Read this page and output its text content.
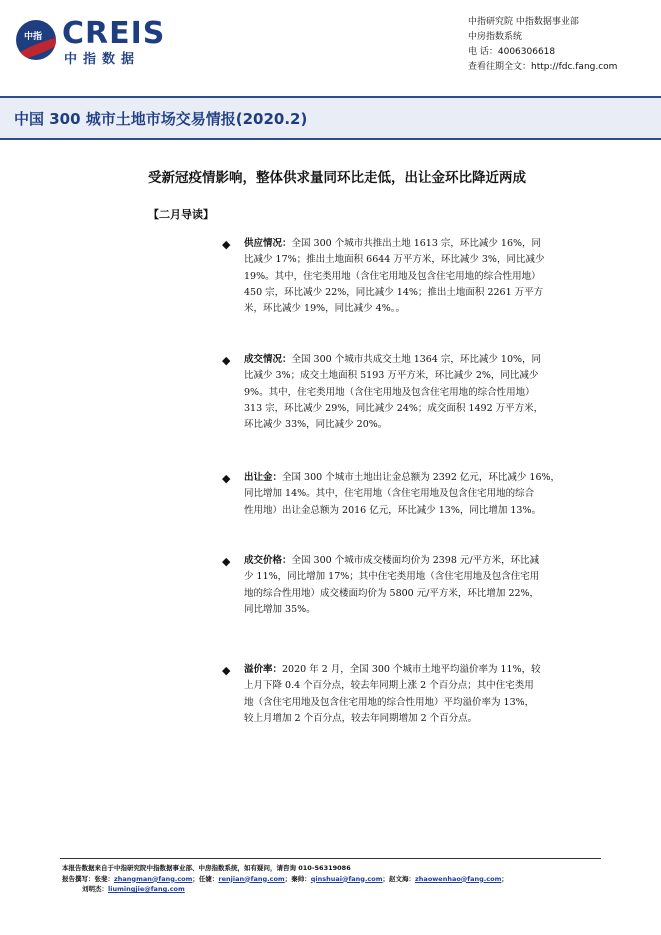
中指 CREIS
中指数据
中指研究院 中指数据事业部
中房指数系统
电 话：4006306618
查看往期全文：http://fdc.fang.com
中国 300 城市土地市场交易情报(2020.2)
受新冠疫情影响，整体供求量同环比走低，出让金环比降近两成
【二月导读】
◆ 供应情况：全国 300 个城市共推出土地 1613 宗，环比减少 16%，同
比减少 17%；推出土地面积 6644 万平方米，环比减少 3%，同比减少
19%。其中，住宅类用地（含住宅用地及包含住宅用地的综合性用地）
450 宗，环比减少 22%，同比减少 14%；推出土地面积 2261 万平方
米，环比减少 19%，同比减少 4%。。
◆ 成交情况：全国 300 个城市共成交土地 1364 宗，环比减少 10%，同
比减少 3%；成交土地面积 5193 万平方米，环比减少 2%，同比减少
9%。其中，住宅类用地（含住宅用地及包含住宅用地的综合性用地）
313 宗，环比减少 29%，同比减少 24%；成交面积 1492 万平方米，
环比减少 33%，同比减少 20%。
◆ 出让金：全国 300 个城市土地出让金总额为 2392 亿元，环比减少 16%，
同比增加 14%。其中，住宅用地（含住宅用地及包含住宅用地的综合
性用地）出让金总额为 2016 亿元，环比减少 13%，同比增加 13%。
◆ 成交价格：全国 300 个城市成交楼面均价为 2398 元/平方米，环比减
少 11%，同比增加 17%；其中住宅类用地（含住宅用地及包含住宅用
地的综合性用地）成交楼面均价为 5800 元/平方米，环比增加 22%，
同比增加 35%。
◆ 溢价率：2020 年 2 月，全国 300 个城市土地平均溢价率为 11%，较
上月下降 0.4 个百分点，较去年同期上涨 2 个百分点；其中住宅类用
地（含住宅用地及包含住宅用地的综合性用地）平均溢价率为 13%，
较上月增加 2 个百分点，较去年同期增加 2 个百分点。
本报告数据来自于中指研究院中指数据事业部、中房指数系统，如有疑问，请咨询 010-56319086
报告撰写：张斐：zhangman@fang.com；任婕：renjian@fang.com；秦帅：qinshuai@fang.com；赵文海：zhaowenhao@fang.com；
刘明杰：liumingjie@fang.com
